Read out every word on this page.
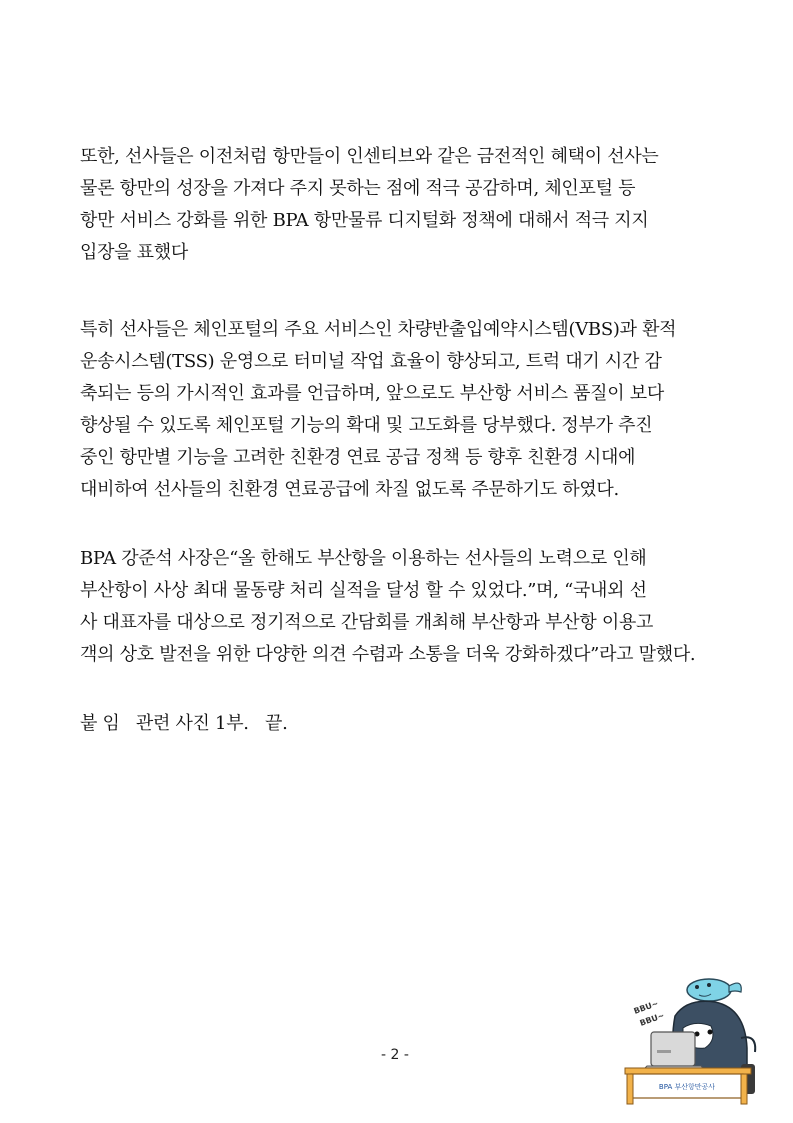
또한, 선사들은 이전처럼 항만들이 인센티브와 같은 금전적인 혜택이 선사는
물론 항만의 성장을 가져다 주지 못하는 점에 적극 공감하며, 체인포털 등
항만 서비스 강화를 위한 BPA 항만물류 디지털화 정책에 대해서 적극 지지
입장을 표했다
특히 선사들은 체인포털의 주요 서비스인 차량반출입예약시스템(VBS)과 환적
운송시스템(TSS) 운영으로 터미널 작업 효율이 향상되고, 트럭 대기 시간 감
축되는 등의 가시적인 효과를 언급하며, 앞으로도 부산항 서비스 품질이 보다
향상될 수 있도록 체인포털 기능의 확대 및 고도화를 당부했다. 정부가 추진
중인 항만별 기능을 고려한 친환경 연료 공급 정책 등 향후 친환경 시대에
대비하여 선사들의 친환경 연료공급에 차질 없도록 주문하기도 하였다.
BPA 강준석 사장은“올 한해도 부산항을 이용하는 선사들의 노력으로 인해
부산항이 사상 최대 물동량 처리 실적을 달성 할 수 있었다.”며, “국내외 선
사 대표자를 대상으로 정기적으로 간담회를 개최해 부산항과 부산항 이용고
객의 상호 발전을 위한 다양한 의견 수렴과 소통을 더욱 강화하겠다”라고 말했다.
붙 임   관련 사진 1부.   끝.
- 2 -
BBU~
BBU~
BPA 부산항만공사
